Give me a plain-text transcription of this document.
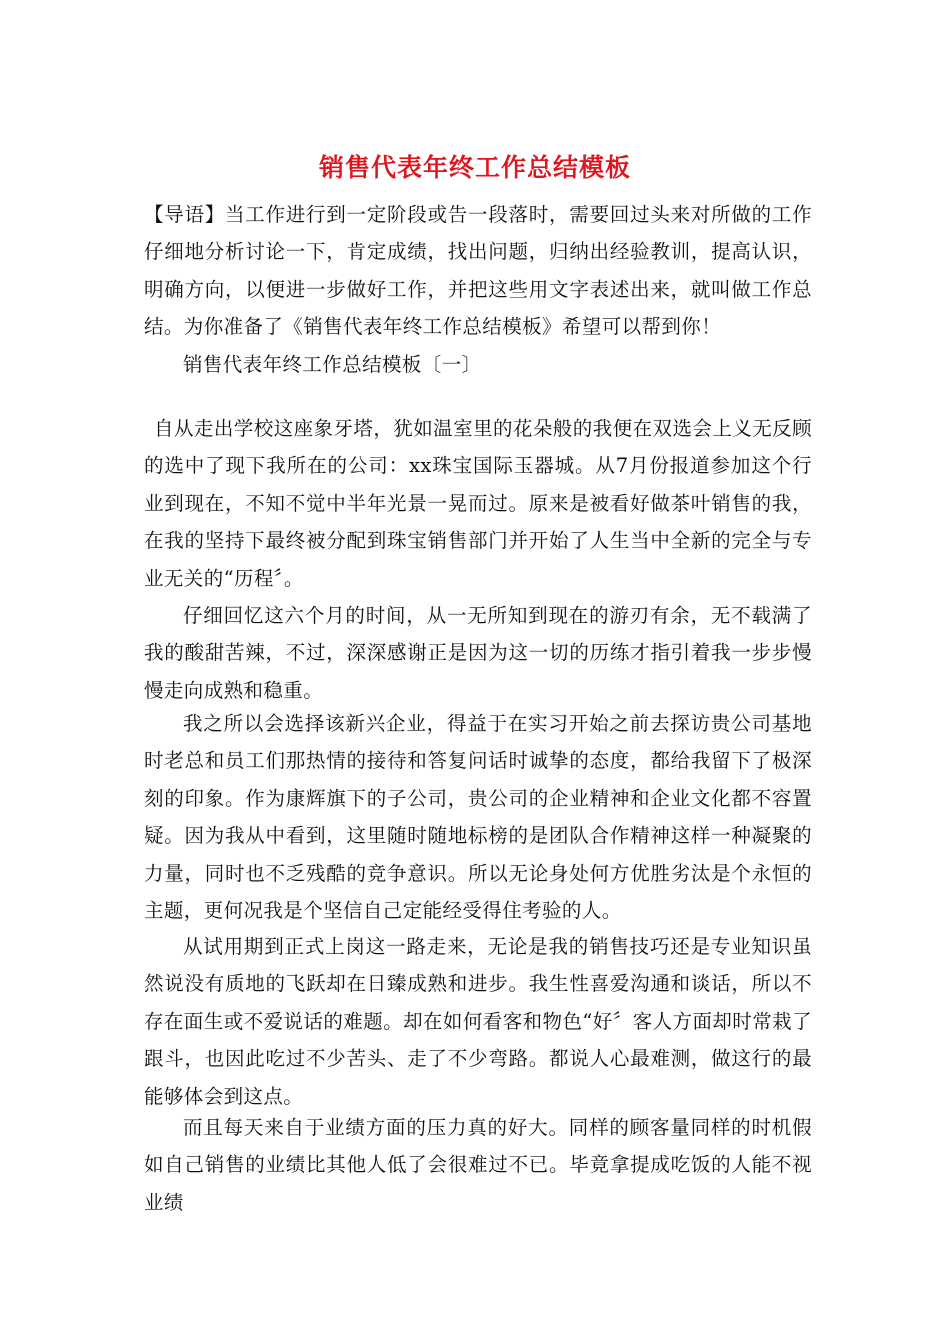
销售代表年终工作总结模板

【导语】当工作进行到一定阶段或告一段落时，需要回过头来对所做的工作仔细地分析讨论一下，肯定成绩，找出问题，归纳出经验教训，提高认识，明确方向，以便进一步做好工作，并把这些用文字表述出来，就叫做工作总结。为你准备了《销售代表年终工作总结模板》希望可以帮到你！

销售代表年终工作总结模板〔一〕

自从走出学校这座象牙塔，犹如温室里的花朵般的我便在双选会上义无反顾的选中了现下我所在的公司：xx珠宝国际玉器城。从7月份报道参加这个行业到现在，不知不觉中半年光景一晃而过。原来是被看好做茶叶销售的我，在我的坚持下最终被分配到珠宝销售部门并开始了人生当中全新的完全与专业无关的“历程〞。

仔细回忆这六个月的时间，从一无所知到现在的游刃有余，无不载满了我的酸甜苦辣，不过，深深感谢正是因为这一切的历练才指引着我一步步慢慢走向成熟和稳重。

我之所以会选择该新兴企业，得益于在实习开始之前去探访贵公司基地时老总和员工们那热情的接待和答复问话时诚挚的态度，都给我留下了极深刻的印象。作为康辉旗下的子公司，贵公司的企业精神和企业文化都不容置疑。因为我从中看到，这里随时随地标榜的是团队合作精神这样一种凝聚的力量，同时也不乏残酷的竞争意识。所以无论身处何方优胜劣汰是个永恒的主题，更何况我是个坚信自己定能经受得住考验的人。

从试用期到正式上岗这一路走来，无论是我的销售技巧还是专业知识虽然说没有质地的飞跃却在日臻成熟和进步。我生性喜爱沟通和谈话，所以不存在面生或不爱说话的难题。却在如何看客和物色“好〞客人方面却时常栽了跟斗，也因此吃过不少苦头、走了不少弯路。都说人心最难测，做这行的最能够体会到这点。

而且每天来自于业绩方面的压力真的好大。同样的顾客量同样的时机假如自己销售的业绩比其他人低了会很难过不已。毕竟拿提成吃饭的人能不视业绩
